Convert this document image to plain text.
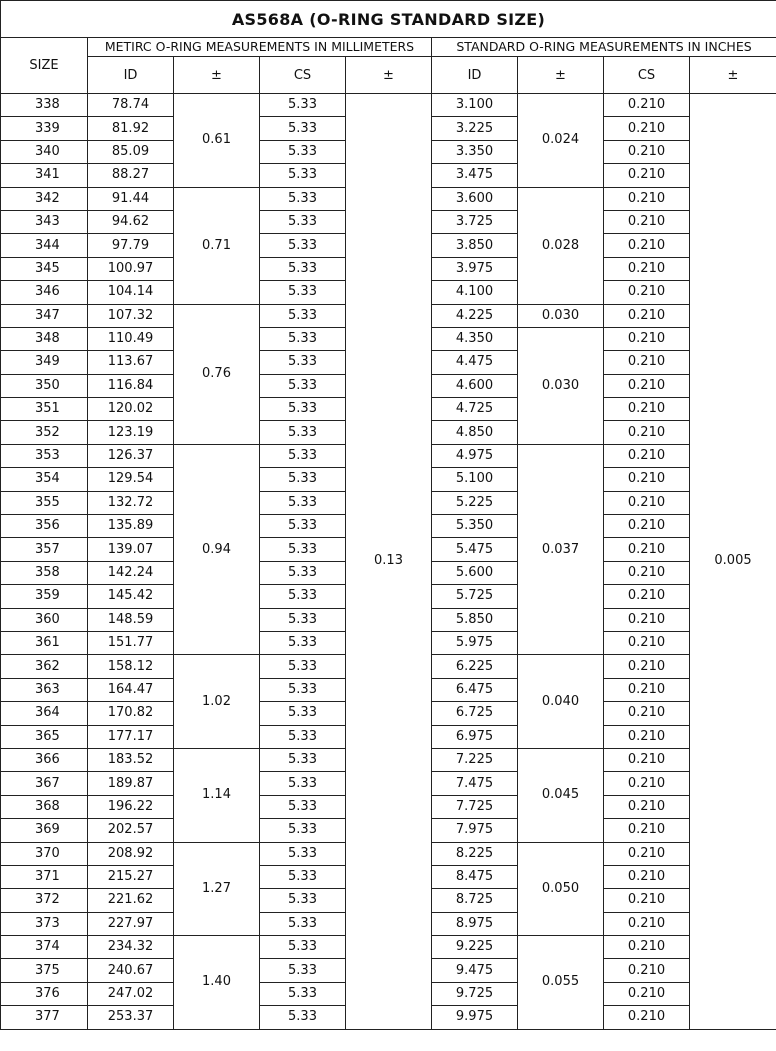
AS568A (O-RING STANDARD SIZE)								
SIZE	METIRC O-RING MEASUREMENTS IN MILLIMETERS				STANDARD O-RING MEASUREMENTS IN INCHES			
	ID	±	CS	±	ID	±	CS	±
338	78.74	0.61	5.33	0.13	3.100	0.024	0.210	0.005
339	81.92		5.33		3.225		0.210	
340	85.09		5.33		3.350		0.210	
341	88.27		5.33		3.475		0.210	
342	91.44	0.71	5.33		3.600	0.028	0.210	
343	94.62		5.33		3.725		0.210	
344	97.79		5.33		3.850		0.210	
345	100.97		5.33		3.975		0.210	
346	104.14		5.33		4.100		0.210	
347	107.32	0.76	5.33		4.225	0.030	0.210	
348	110.49		5.33		4.350	0.030	0.210	
349	113.67		5.33		4.475		0.210	
350	116.84		5.33		4.600		0.210	
351	120.02		5.33		4.725		0.210	
352	123.19		5.33		4.850		0.210	
353	126.37	0.94	5.33		4.975	0.037	0.210	
354	129.54		5.33		5.100		0.210	
355	132.72		5.33		5.225		0.210	
356	135.89		5.33		5.350		0.210	
357	139.07		5.33		5.475		0.210	
358	142.24		5.33		5.600		0.210	
359	145.42		5.33		5.725		0.210	
360	148.59		5.33		5.850		0.210	
361	151.77		5.33		5.975		0.210	
362	158.12	1.02	5.33		6.225	0.040	0.210	
363	164.47		5.33		6.475		0.210	
364	170.82		5.33		6.725		0.210	
365	177.17		5.33		6.975		0.210	
366	183.52	1.14	5.33		7.225	0.045	0.210	
367	189.87		5.33		7.475		0.210	
368	196.22		5.33		7.725		0.210	
369	202.57		5.33		7.975		0.210	
370	208.92	1.27	5.33		8.225	0.050	0.210	
371	215.27		5.33		8.475		0.210	
372	221.62		5.33		8.725		0.210	
373	227.97		5.33		8.975		0.210	
374	234.32	1.40	5.33		9.225	0.055	0.210	
375	240.67		5.33		9.475		0.210	
376	247.02		5.33		9.725		0.210	
377	253.37		5.33		9.975		0.210	
